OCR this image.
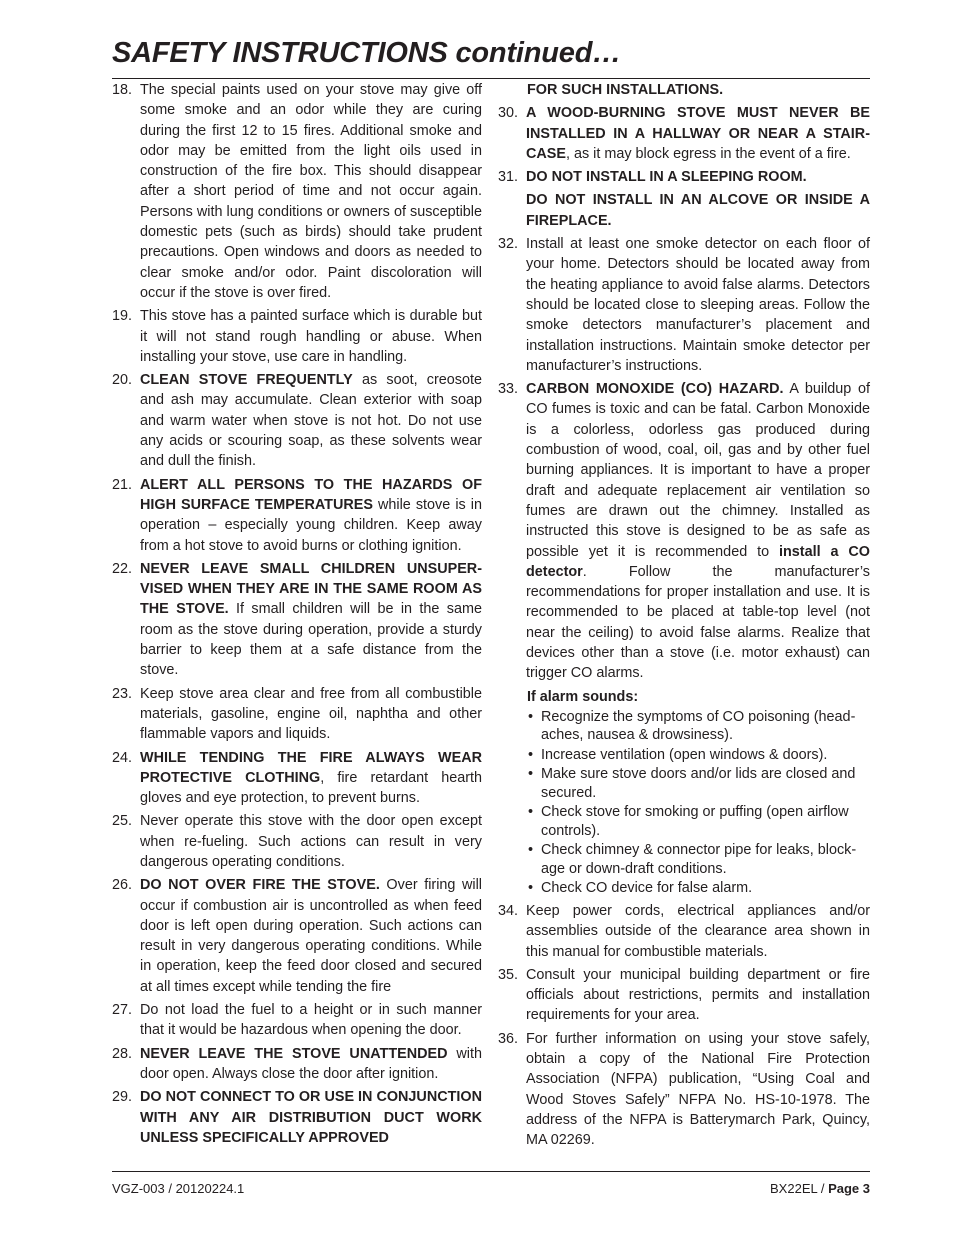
SAFETY INSTRUCTIONS continued…
18. The special paints used on your stove may give off some smoke and an odor while they are curing during the first 12 to 15 fires. Additional smoke and odor may be emitted from the light oils used in construction of the fire box. This should disappear after a short period of time and not occur again. Persons with lung conditions or owners of susceptible domestic pets (such as birds) should take prudent precautions. Open windows and doors as needed to clear smoke and/or odor. Paint discoloration will occur if the stove is over fired.
19. This stove has a painted surface which is durable but it will not stand rough handling or abuse. When installing your stove, use care in handling.
20. CLEAN STOVE FREQUENTLY as soot, creosote and ash may accumulate. Clean exterior with soap and warm water when stove is not hot. Do not use any acids or scouring soap, as these solvents wear and dull the finish.
21. ALERT ALL PERSONS TO THE HAZARDS OF HIGH SURFACE TEMPERATURES while stove is in operation – especially young children. Keep away from a hot stove to avoid burns or clothing ignition.
22. NEVER LEAVE SMALL CHILDREN UNSUPERVISED WHEN THEY ARE IN THE SAME ROOM AS THE STOVE. If small children will be in the same room as the stove during operation, provide a sturdy barrier to keep them at a safe distance from the stove.
23. Keep stove area clear and free from all combustible materials, gasoline, engine oil, naphtha and other flammable vapors and liquids.
24. WHILE TENDING THE FIRE ALWAYS WEAR PROTECTIVE CLOTHING, fire retardant hearth gloves and eye protection, to prevent burns.
25. Never operate this stove with the door open except when re-fueling. Such actions can result in very dangerous operating conditions.
26. DO NOT OVER FIRE THE STOVE. Over firing will occur if combustion air is uncontrolled as when feed door is left open during operation. Such actions can result in very dangerous operating conditions. While in operation, keep the feed door closed and secured at all times except while tending the fire
27. Do not load the fuel to a height or in such manner that it would be hazardous when opening the door.
28. NEVER LEAVE THE STOVE UNATTENDED with door open. Always close the door after ignition.
29. DO NOT CONNECT TO OR USE IN CONJUNCTION WITH ANY AIR DISTRIBUTION DUCT WORK UNLESS SPECIFICALLY APPROVED
FOR SUCH INSTALLATIONS.
30. A WOOD-BURNING STOVE MUST NEVER BE INSTALLED IN A HALLWAY OR NEAR A STAIRCASE, as it may block egress in the event of a fire.
31. DO NOT INSTALL IN A SLEEPING ROOM.
DO NOT INSTALL IN AN ALCOVE OR INSIDE A FIREPLACE.
32. Install at least one smoke detector on each floor of your home. Detectors should be located away from the heating appliance to avoid false alarms. Detectors should be located close to sleeping areas. Follow the smoke detectors manufacturer’s placement and installation instructions. Maintain smoke detector per manufacturer’s instructions.
33. CARBON MONOXIDE (CO) HAZARD. A buildup of CO fumes is toxic and can be fatal. Carbon Monoxide is a colorless, odorless gas produced during combustion of wood, coal, oil, gas and by other fuel burning appliances. It is important to have a proper draft and adequate replacement air ventilation so fumes are drawn out the chimney. Installed as instructed this stove is designed to be as safe as possible yet it is recommended to install a CO detector. Follow the manufacturer’s recommendations for proper installation and use. It is recommended to be placed at table-top level (not near the ceiling) to avoid false alarms. Realize that devices other than a stove (i.e. motor exhaust) can trigger CO alarms.
If alarm sounds:
• Recognize the symptoms of CO poisoning (headaches, nausea & drowsiness).
• Increase ventilation (open windows & doors).
• Make sure stove doors and/or lids are closed and secured.
• Check stove for smoking or puffing (open airflow controls).
• Check chimney & connector pipe for leaks, blockage or down-draft conditions.
• Check CO device for false alarm.
34. Keep power cords, electrical appliances and/or assemblies outside of the clearance area shown in this manual for combustible materials.
35. Consult your municipal building department or fire officials about restrictions, permits and installation requirements for your area.
36. For further information on using your stove safely, obtain a copy of the National Fire Protection Association (NFPA) publication, “Using Coal and Wood Stoves Safely” NFPA No. HS-10-1978. The address of the NFPA is Batterymarch Park, Quincy, MA 02269.
VGZ-003 / 20120224.1	BX22EL / Page 3
